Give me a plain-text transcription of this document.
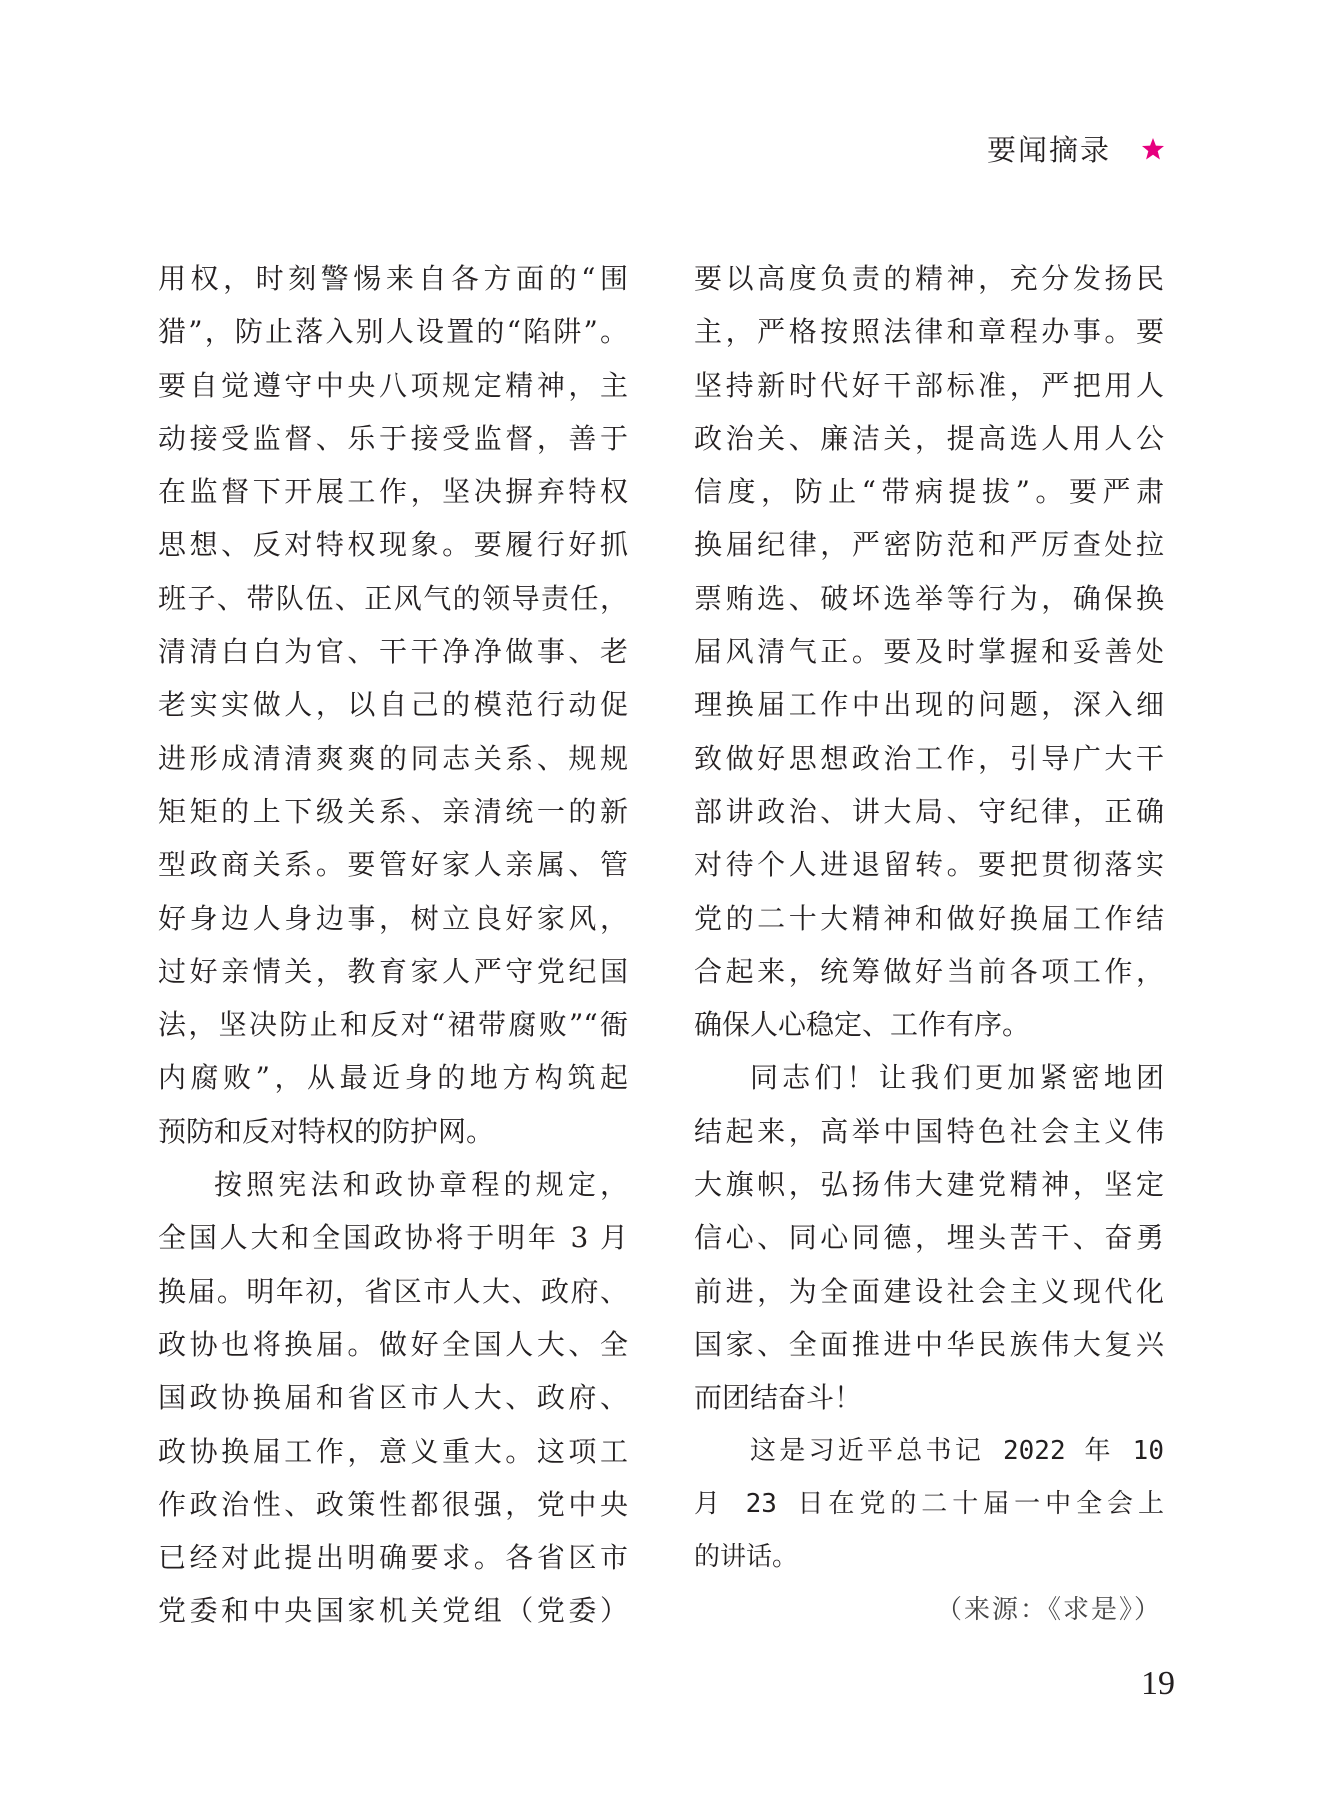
要闻摘录

用权，时刻警惕来自各方面的“围
猎”，防止落入别人设置的“陷阱”。
要自觉遵守中央八项规定精神，主
动接受监督、乐于接受监督，善于
在监督下开展工作，坚决摒弃特权
思想、反对特权现象。要履行好抓
班子、带队伍、正风气的领导责任，
清清白白为官、干干净净做事、老
老实实做人，以自己的模范行动促
进形成清清爽爽的同志关系、规规
矩矩的上下级关系、亲清统一的新
型政商关系。要管好家人亲属、管
好身边人身边事，树立良好家风，
过好亲情关，教育家人严守党纪国
法，坚决防止和反对“裙带腐败”“衙
内腐败”，从最近身的地方构筑起
预防和反对特权的防护网。

按照宪法和政协章程的规定，
全国人大和全国政协将于明年 3 月
换届。明年初，省区市人大、政府、
政协也将换届。做好全国人大、全
国政协换届和省区市人大、政府、
政协换届工作，意义重大。这项工
作政治性、政策性都很强，党中央
已经对此提出明确要求。各省区市
党委和中央国家机关党组（党委）

要以高度负责的精神，充分发扬民
主，严格按照法律和章程办事。要
坚持新时代好干部标准，严把用人
政治关、廉洁关，提高选人用人公
信度，防止“带病提拔”。要严肃
换届纪律，严密防范和严厉查处拉
票贿选、破坏选举等行为，确保换
届风清气正。要及时掌握和妥善处
理换届工作中出现的问题，深入细
致做好思想政治工作，引导广大干
部讲政治、讲大局、守纪律，正确
对待个人进退留转。要把贯彻落实
党的二十大精神和做好换届工作结
合起来，统筹做好当前各项工作，
确保人心稳定、工作有序。

同志们！让我们更加紧密地团
结起来，高举中国特色社会主义伟
大旗帜，弘扬伟大建党精神，坚定
信心、同心同德，埋头苦干、奋勇
前进，为全面建设社会主义现代化
国家、全面推进中华民族伟大复兴
而团结奋斗！

这是习近平总书记 2022 年 10
月 23 日在党的二十届一中全会上
的讲话。

（来源：《求是》）
19
